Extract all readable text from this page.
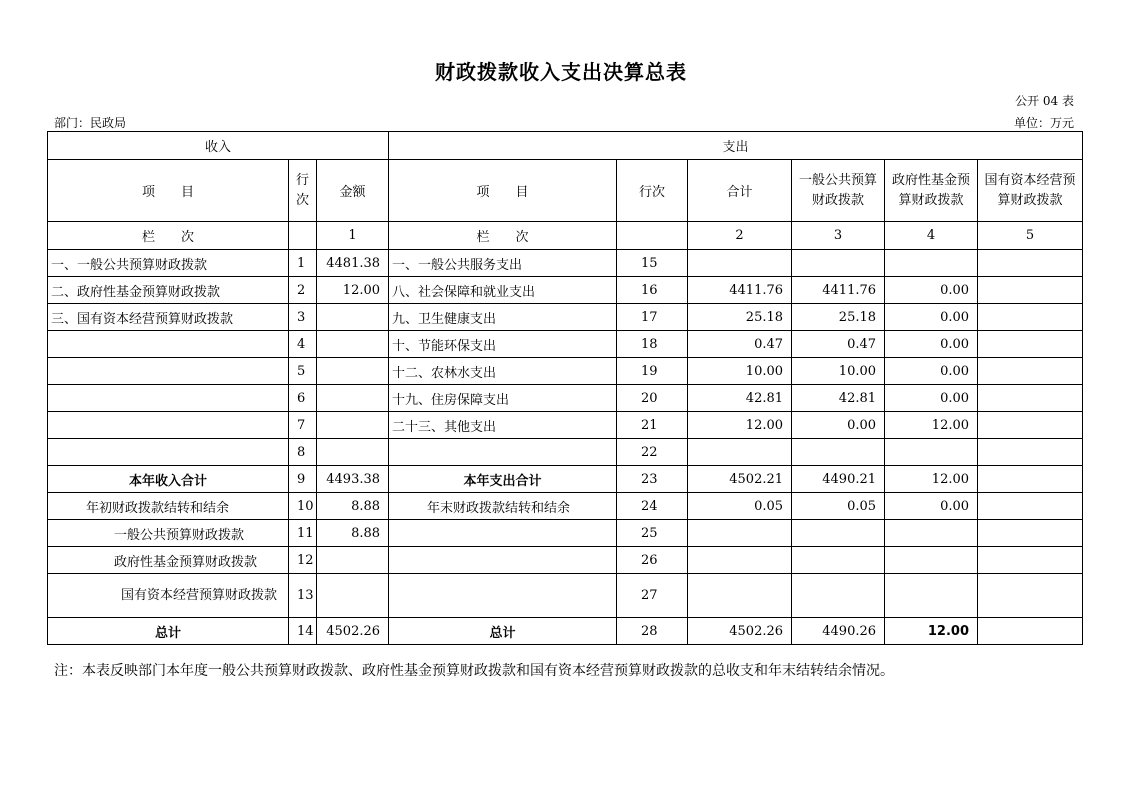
财政拨款收入支出决算总表
公开 04 表
部门：民政局	单位：万元
收入			支出					
项　　目	行次	金额	项　　目	行次	合计	一般公共预算财政拨款	政府性基金预算财政拨款	国有资本经营预算财政拨款
栏　　次		1	栏　　次		2	3	4	5
一、一般公共预算财政拨款	1	4481.38	一、一般公共服务支出	15				
二、政府性基金预算财政拨款	2	12.00	八、社会保障和就业支出	16	4411.76	4411.76	0.00	
三、国有资本经营预算财政拨款	3		九、卫生健康支出	17	25.18	25.18	0.00	
	4		十、节能环保支出	18	0.47	0.47	0.00	
	5		十二、农林水支出	19	10.00	10.00	0.00	
	6		十九、住房保障支出	20	42.81	42.81	0.00	
	7		二十三、其他支出	21	12.00	0.00	12.00	
	8			22				
本年收入合计	9	4493.38	本年支出合计	23	4502.21	4490.21	12.00	
年初财政拨款结转和结余	10	8.88	年末财政拨款结转和结余	24	0.05	0.05	0.00	
一般公共预算财政拨款	11	8.88		25				
政府性基金预算财政拨款	12			26				
国有资本经营预算财政拨款	13			27				
总计	14	4502.26	总计	28	4502.26	4490.26	12.00	
注：本表反映部门本年度一般公共预算财政拨款、政府性基金预算财政拨款和国有资本经营预算财政拨款的总收支和年末结转结余情况。
